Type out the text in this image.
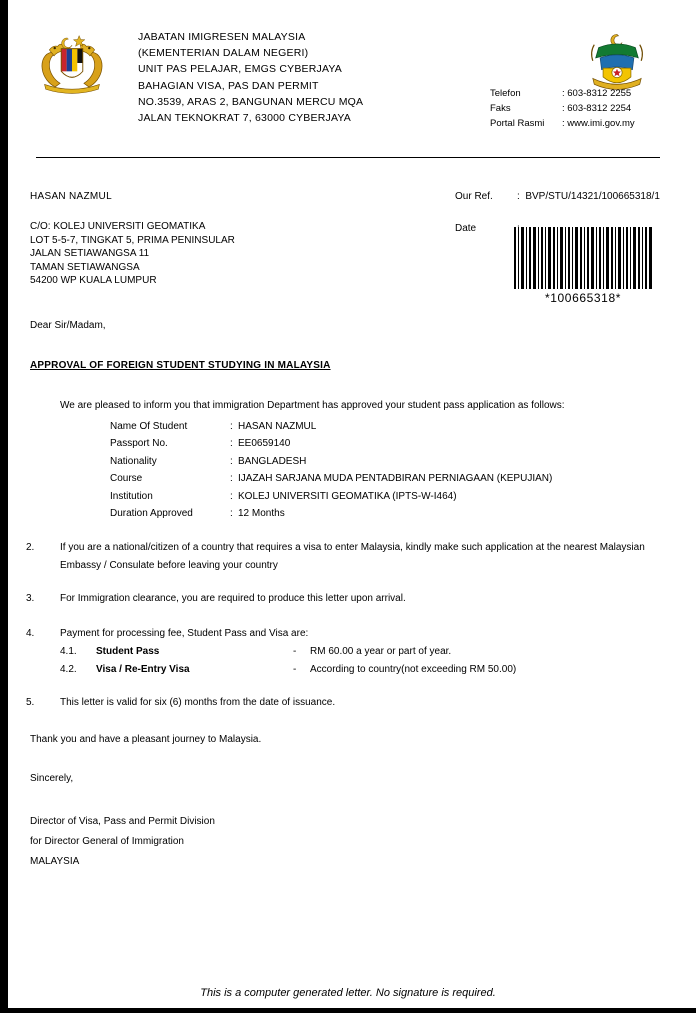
JABATAN IMIGRESEN MALAYSIA
(KEMENTERIAN DALAM NEGERI)
UNIT PAS PELAJAR, EMGS CYBERJAYA
BAHAGIAN VISA, PAS DAN PERMIT
NO.3539, ARAS 2, BANGUNAN MERCU MQA
JALAN TEKNOKRAT 7, 63000 CYBERJAYA
Telefon	: 603-8312 2255
Faks	: 603-8312 2254
Portal Rasmi	: www.imi.gov.my
HASAN NAZMUL
C/O: KOLEJ UNIVERSITI GEOMATIKA
LOT 5-5-7, TINGKAT 5, PRIMA PENINSULAR
JALAN SETIAWANGSA 11
TAMAN SETIAWANGSA
54200 WP KUALA LUMPUR
Our Ref. : BVP/STU/14321/100665318/1
Date
*100665318*
Dear Sir/Madam,
APPROVAL OF FOREIGN STUDENT STUDYING IN MALAYSIA
We are pleased to inform you that immigration Department has approved your student pass application as follows:
Name Of Student	: HASAN NAZMUL
Passport No.	: EE0659140
Nationality	: BANGLADESH
Course	: IJAZAH SARJANA MUDA PENTADBIRAN PERNIAGAAN (KEPUJIAN)
Institution	: KOLEJ UNIVERSITI GEOMATIKA (IPTS-W-I464)
Duration Approved	: 12 Months
2.	If you are a national/citizen of a country that requires a visa to enter Malaysia, kindly make such application at the nearest Malaysian Embassy / Consulate before leaving your country
3.	For Immigration clearance, you are required to produce this letter upon arrival.
4.	Payment for processing fee, Student Pass and Visa are:
4.1.	Student Pass	- RM 60.00 a year or part of year.
4.2.	Visa / Re-Entry Visa	- According to country(not exceeding RM 50.00)
5.	This letter is valid for six (6) months from the date of issuance.
Thank you and have a pleasant journey to Malaysia.
Sincerely,
Director of Visa, Pass and Permit Division
for Director General of Immigration
MALAYSIA
This is a computer generated letter. No signature is required.
